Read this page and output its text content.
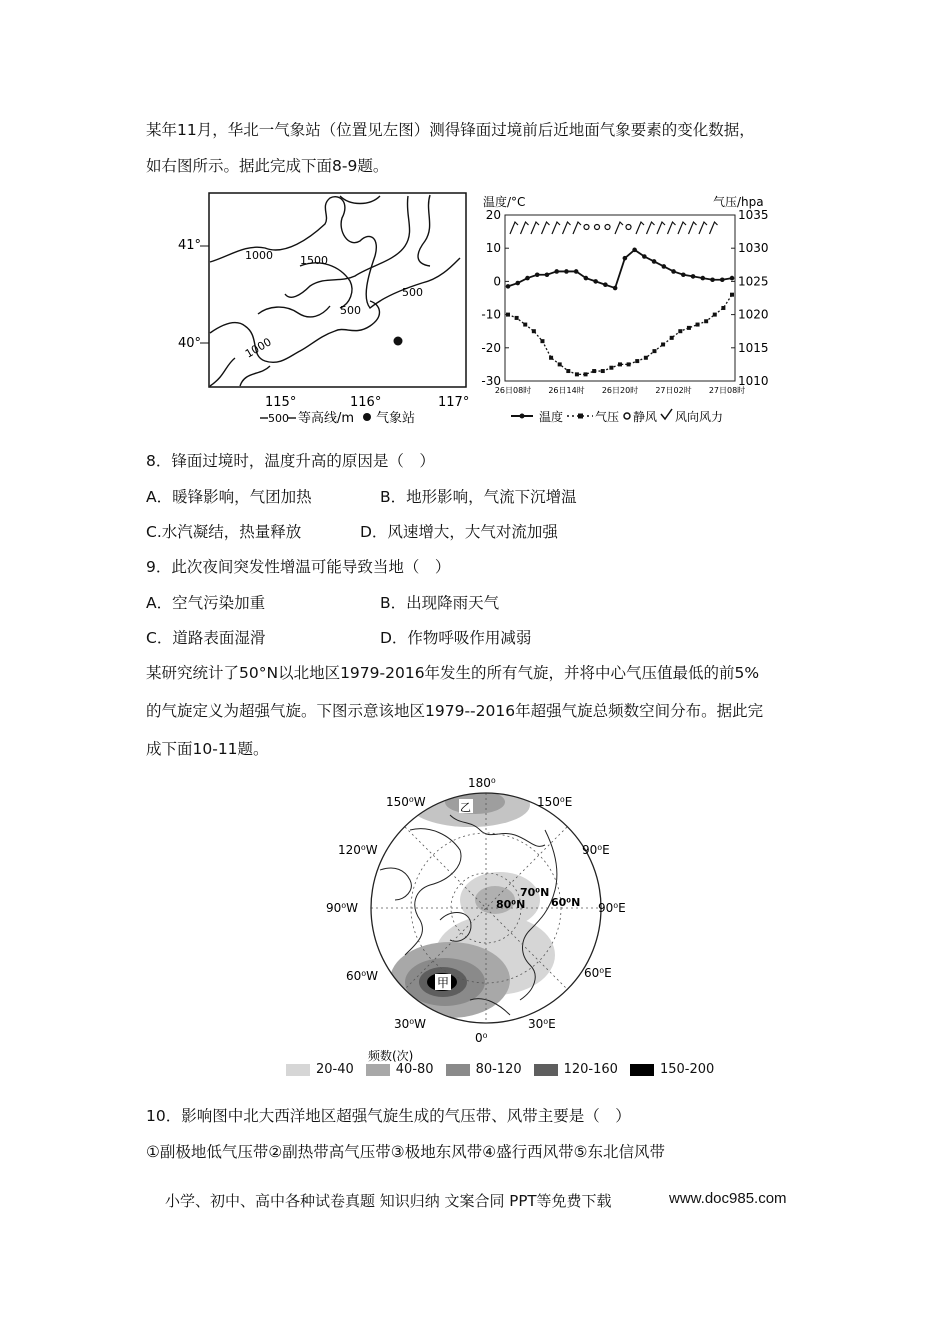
某年11月，华北一气象站（位置见左图）测得锋面过境前后近地面气象要素的变化数据，
如右图所示。据此完成下面8-9题。
1000 1500
500
500
1000
41°
40°
115°	116°	117°
500 等高线/m 气象站
温度/°C	气压/hpa
20
10
0
-10
-20
-30
1035
1030
1025
1020
1015
1010
26日08时 26日14时 26日20时 27日02时 27日08时
温度	气压 静风 风向风力
8．锋面过境时，温度升高的原因是（　）
A．暖锋影响，气团加热	B．地形影响，气流下沉增温
C.水汽凝结，热量释放	D．风速增大，大气对流加强
9．此次夜间突发性增温可能导致当地（　）
A．空气污染加重	B．出现降雨天气
C．道路表面湿滑	D．作物呼吸作用减弱
某研究统计了50°N以北地区1979-2016年发生的所有气旋，并将中心气压值最低的前5%
的气旋定义为超强气旋。下图示意该地区1979--2016年超强气旋总频数空间分布。据此完
成下面10-11题。
180⁰
150⁰W	150⁰E
120⁰W	90⁰E
90⁰W	90⁰E
60⁰W	60⁰E
30⁰W	30⁰E
0⁰
70⁰N
80⁰N 60⁰N
甲
乙
频数(次)
20-40	40-80	80-120	120-160	150-200
10．影响图中北大西洋地区超强气旋生成的气压带、风带主要是（　）
①副极地低气压带②副热带高气压带③极地东风带④盛行西风带⑤东北信风带
小学、初中、高中各种试卷真题 知识归纳 文案合同 PPT等免费下载	www.doc985.com
